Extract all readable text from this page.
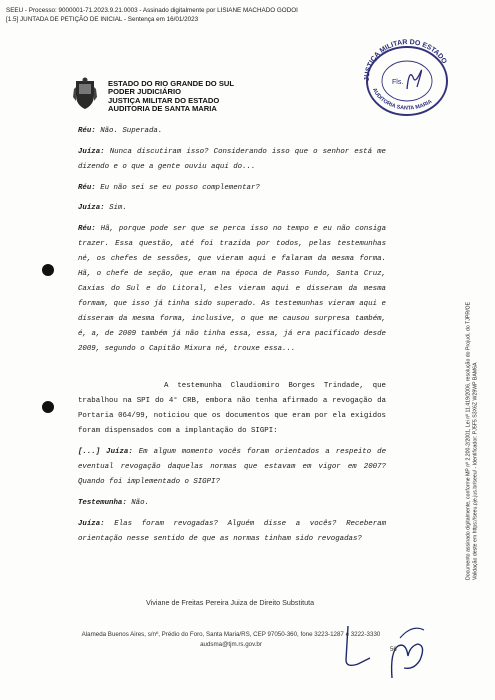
SEEU - Processo: 9000001-71.2023.9.21.0003 - Assinado digitalmente por LISIANE MACHADO GODOI
[1.5] JUNTADA DE PETIÇÃO DE INICIAL - Sentença em 16/01/2023
ESTADO DO RIO GRANDE DO SUL
PODER JUDICIÁRIO
JUSTIÇA MILITAR DO ESTADO
AUDITORIA DE SANTA MARIA
JUSTIÇA MILITAR DO ESTADO
AUDITORIA SANTA MARIA
Fls.
Documento assinado digitalmente, conforme MP nº 2.200-2/2001, Lei nº 11.419/2006, resolução do Projudi, do TJPR/OE Validação deste em https://seeu.pje.jus.br/seeu/ - Identificador: PJ5F5 S3X6Z W29WP BAM6A

Réu: Não. Superada.

Juíza: Nunca discutiram isso? Considerando isso que o senhor está me dizendo e o que a gente ouviu aqui do...

Réu: Eu não sei se eu posso complementar?

Juíza: Sim.

Réu: Hã, porque pode ser que se perca isso no tempo e eu não consiga trazer. Essa questão, até foi trazida por todos, pelas testemunhas né, os chefes de sessões, que vieram aqui e falaram da mesma forma. Hã, o chefe de seção, que eram na época de Passo Fundo, Santa Cruz, Caxias do Sul e do Litoral, eles vieram aqui e disseram da mesma formam, que isso já tinha sido superado. As testemunhas vieram aqui e disseram da mesma forma, inclusive, o que me causou surpresa também, é, a, de 2009 também já não tinha essa, essa, já era pacificado desde 2009, segundo o Capitão Mixura né, trouxe essa...

A testemunha Claudiomiro Borges Trindade, que trabalhou na SPI do 4° CRB, embora não tenha afirmado a revogação da Portaria 064/99, noticiou que os documentos que eram por ela exigidos foram dispensados com a implantação do SIGPI:

[...] Juíza: Em algum momento vocês foram orientados a respeito de eventual revogação daquelas normas que estavam em vigor em 2007? Quando foi implementado o SIGPI?

Testemunha: Não.

Juíza: Elas foram revogadas? Alguém disse a vocês? Receberam orientação nesse sentido de que as normas tinham sido revogadas?

Viviane de Freitas Pereira Juiza de Direito Substituta
Alameda Buenos Aires, s/nº, Prédio do Foro, Santa Maria/RS, CEP 97050-360, fone 3223-1287 e 3222-3330
audsma@tjm.rs.gov.br
56
